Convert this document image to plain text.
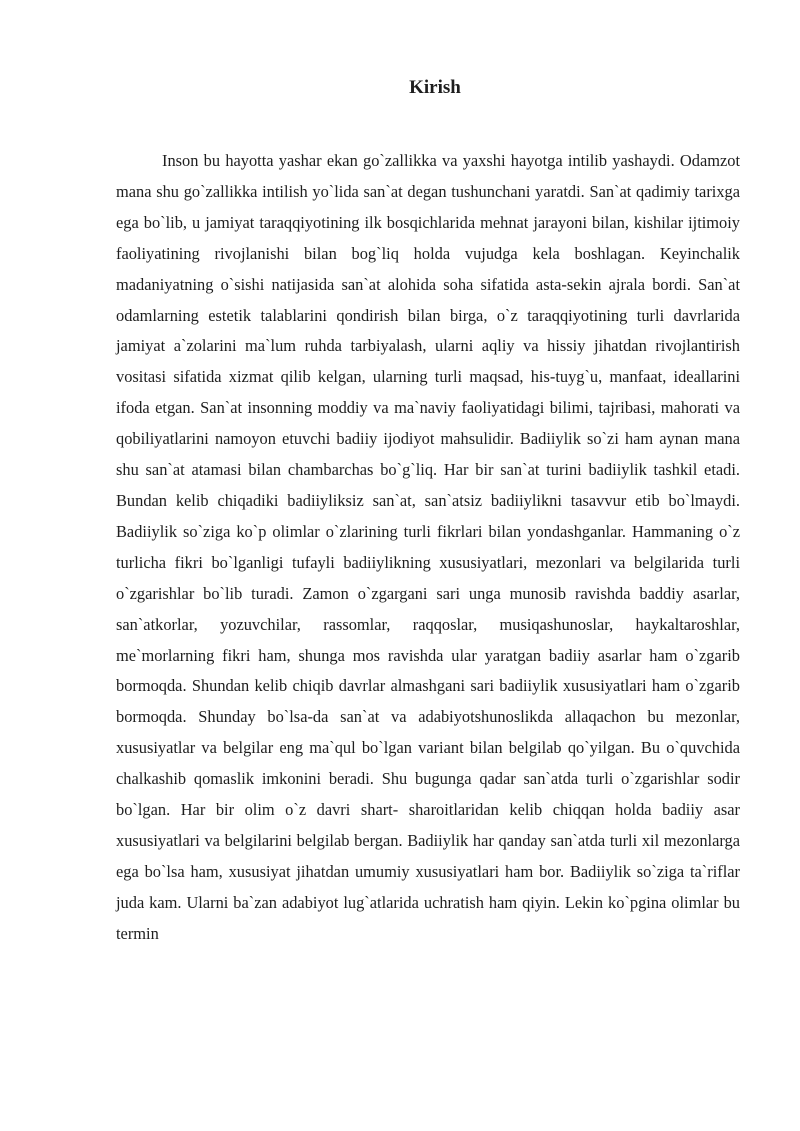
Kirish

Inson bu hayotta yashar ekan go`zallikka va yaxshi hayotga intilib yashaydi. Odamzot mana shu go`zallikka intilish yo`lida san`at degan tushunchani yaratdi. San`at qadimiy tarixga ega bo`lib, u jamiyat taraqqiyotining ilk bosqichlarida mehnat jarayoni bilan, kishilar ijtimoiy faoliyatining rivojlanishi bilan bog`liq holda vujudga kela boshlagan. Keyinchalik madaniyatning o`sishi natijasida san`at alohida soha sifatida asta-sekin ajrala bordi. San`at odamlarning estetik talablarini qondirish bilan birga, o`z taraqqiyotining turli davrlarida jamiyat a`zolarini ma`lum ruhda tarbiyalash, ularni aqliy va hissiy jihatdan rivojlantirish vositasi sifatida xizmat qilib kelgan, ularning turli maqsad, his-tuyg`u, manfaat, ideallarini ifoda etgan. San`at insonning moddiy va ma`naviy faoliyatidagi bilimi, tajribasi, mahorati va qobiliyatlarini namoyon etuvchi badiiy ijodiyot mahsulidir. Badiiylik so`zi ham aynan mana shu san`at atamasi bilan chambarchas bo`g`liq. Har bir san`at turini badiiylik tashkil etadi. Bundan kelib chiqadiki badiiyliksiz san`at, san`atsiz badiiylikni tasavvur etib bo`lmaydi. Badiiylik so`ziga ko`p olimlar o`zlarining turli fikrlari bilan yondashganlar. Hammaning o`z turlicha fikri bo`lganligi tufayli badiiylikning xususiyatlari, mezonlari va belgilarida turli o`zgarishlar bo`lib turadi. Zamon o`zgargani sari unga munosib ravishda baddiy asarlar, san`atkorlar, yozuvchilar, rassomlar, raqqoslar, musiqashunoslar, haykaltaroshlar, me`morlarning fikri ham, shunga mos ravishda ular yaratgan badiiy asarlar ham o`zgarib bormoqda. Shundan kelib chiqib davrlar almashgani sari badiiylik xususiyatlari ham o`zgarib bormoqda. Shunday bo`lsa-da san`at va adabiyotshunoslikda allaqachon bu mezonlar, xususiyatlar va belgilar eng ma`qul bo`lgan variant bilan belgilab qo`yilgan. Bu o`quvchida chalkashib qomaslik imkonini beradi. Shu bugunga qadar san`atda turli o`zgarishlar sodir bo`lgan. Har bir olim o`z davri shart- sharoitlaridan kelib chiqqan holda badiiy asar xususiyatlari va belgilarini belgilab bergan. Badiiylik har qanday san`atda turli xil mezonlarga ega bo`lsa ham, xususiyat jihatdan umumiy xususiyatlari ham bor. Badiiylik so`ziga ta`riflar juda kam. Ularni ba`zan adabiyot lug`atlarida uchratish ham qiyin. Lekin ko`pgina olimlar bu termin
